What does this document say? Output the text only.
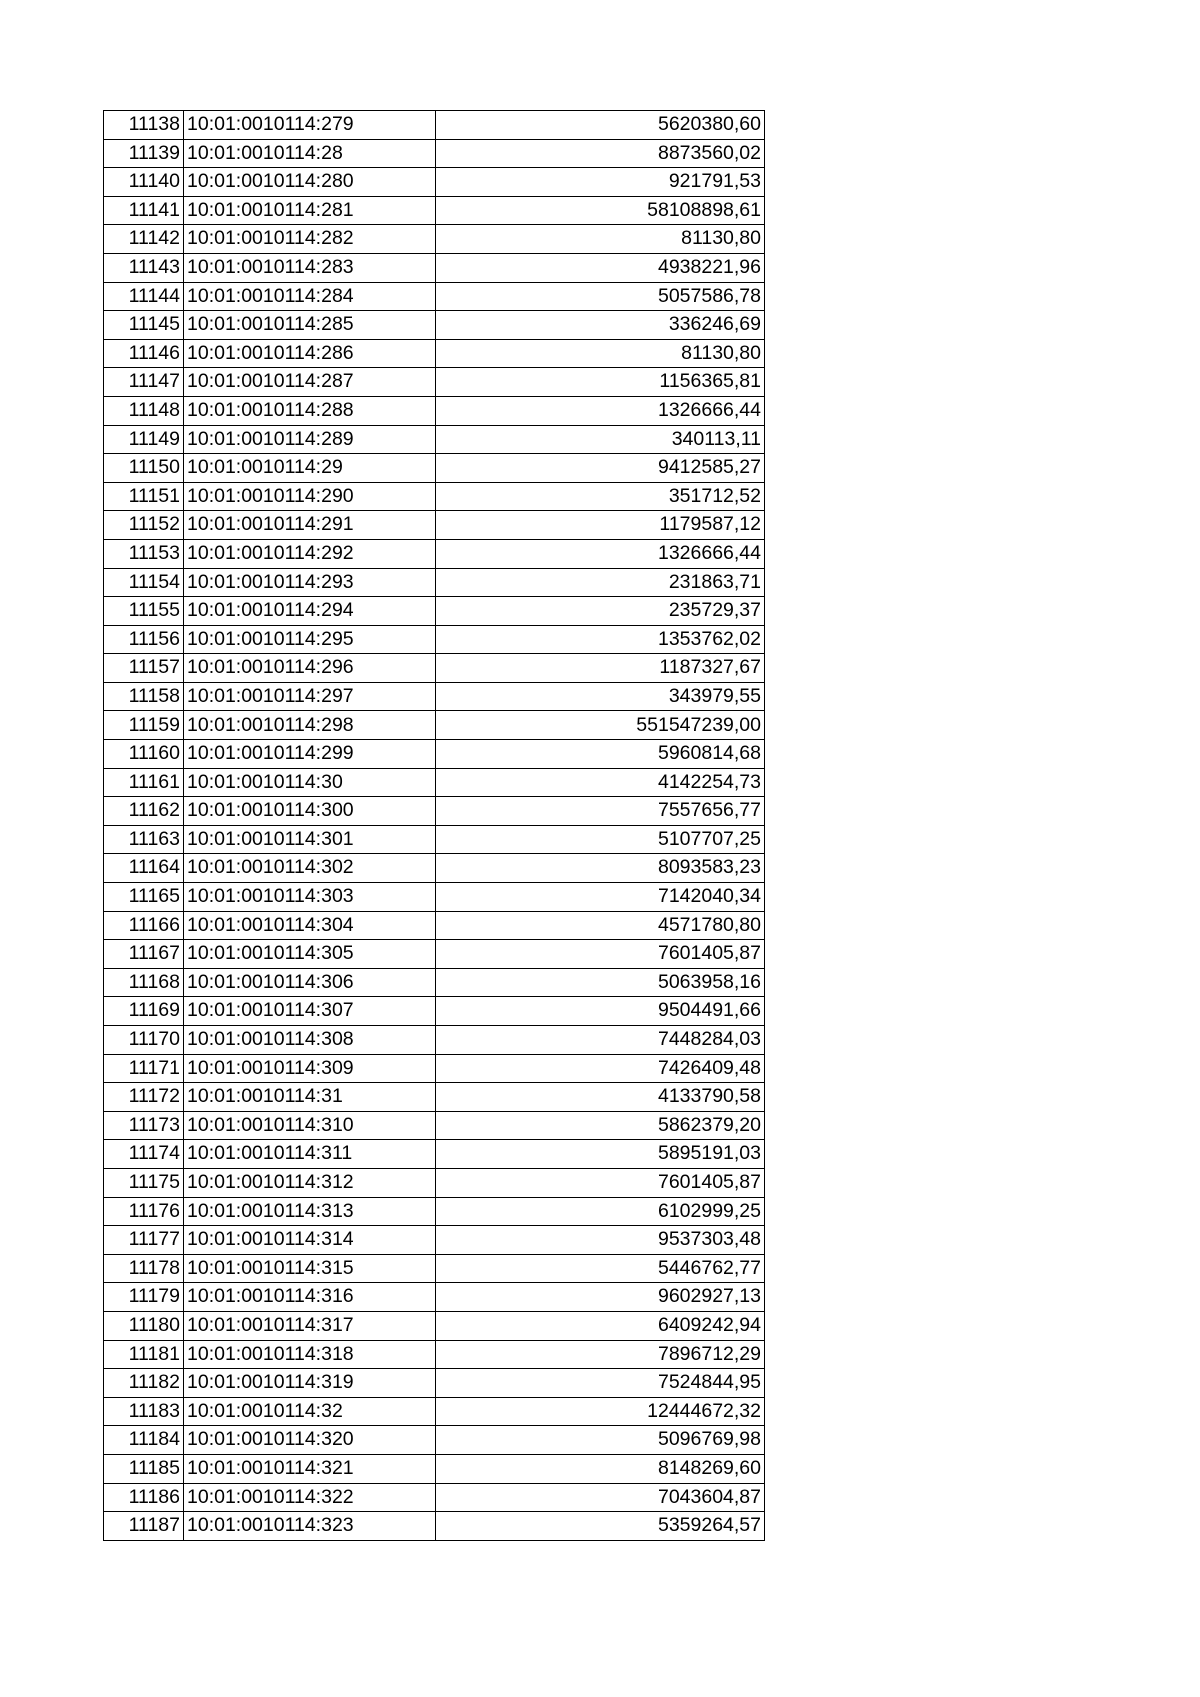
11138	10:01:0010114:279	5620380,60
11139	10:01:0010114:28	8873560,02
11140	10:01:0010114:280	921791,53
11141	10:01:0010114:281	58108898,61
11142	10:01:0010114:282	81130,80
11143	10:01:0010114:283	4938221,96
11144	10:01:0010114:284	5057586,78
11145	10:01:0010114:285	336246,69
11146	10:01:0010114:286	81130,80
11147	10:01:0010114:287	1156365,81
11148	10:01:0010114:288	1326666,44
11149	10:01:0010114:289	340113,11
11150	10:01:0010114:29	9412585,27
11151	10:01:0010114:290	351712,52
11152	10:01:0010114:291	1179587,12
11153	10:01:0010114:292	1326666,44
11154	10:01:0010114:293	231863,71
11155	10:01:0010114:294	235729,37
11156	10:01:0010114:295	1353762,02
11157	10:01:0010114:296	1187327,67
11158	10:01:0010114:297	343979,55
11159	10:01:0010114:298	551547239,00
11160	10:01:0010114:299	5960814,68
11161	10:01:0010114:30	4142254,73
11162	10:01:0010114:300	7557656,77
11163	10:01:0010114:301	5107707,25
11164	10:01:0010114:302	8093583,23
11165	10:01:0010114:303	7142040,34
11166	10:01:0010114:304	4571780,80
11167	10:01:0010114:305	7601405,87
11168	10:01:0010114:306	5063958,16
11169	10:01:0010114:307	9504491,66
11170	10:01:0010114:308	7448284,03
11171	10:01:0010114:309	7426409,48
11172	10:01:0010114:31	4133790,58
11173	10:01:0010114:310	5862379,20
11174	10:01:0010114:311	5895191,03
11175	10:01:0010114:312	7601405,87
11176	10:01:0010114:313	6102999,25
11177	10:01:0010114:314	9537303,48
11178	10:01:0010114:315	5446762,77
11179	10:01:0010114:316	9602927,13
11180	10:01:0010114:317	6409242,94
11181	10:01:0010114:318	7896712,29
11182	10:01:0010114:319	7524844,95
11183	10:01:0010114:32	12444672,32
11184	10:01:0010114:320	5096769,98
11185	10:01:0010114:321	8148269,60
11186	10:01:0010114:322	7043604,87
11187	10:01:0010114:323	5359264,57
